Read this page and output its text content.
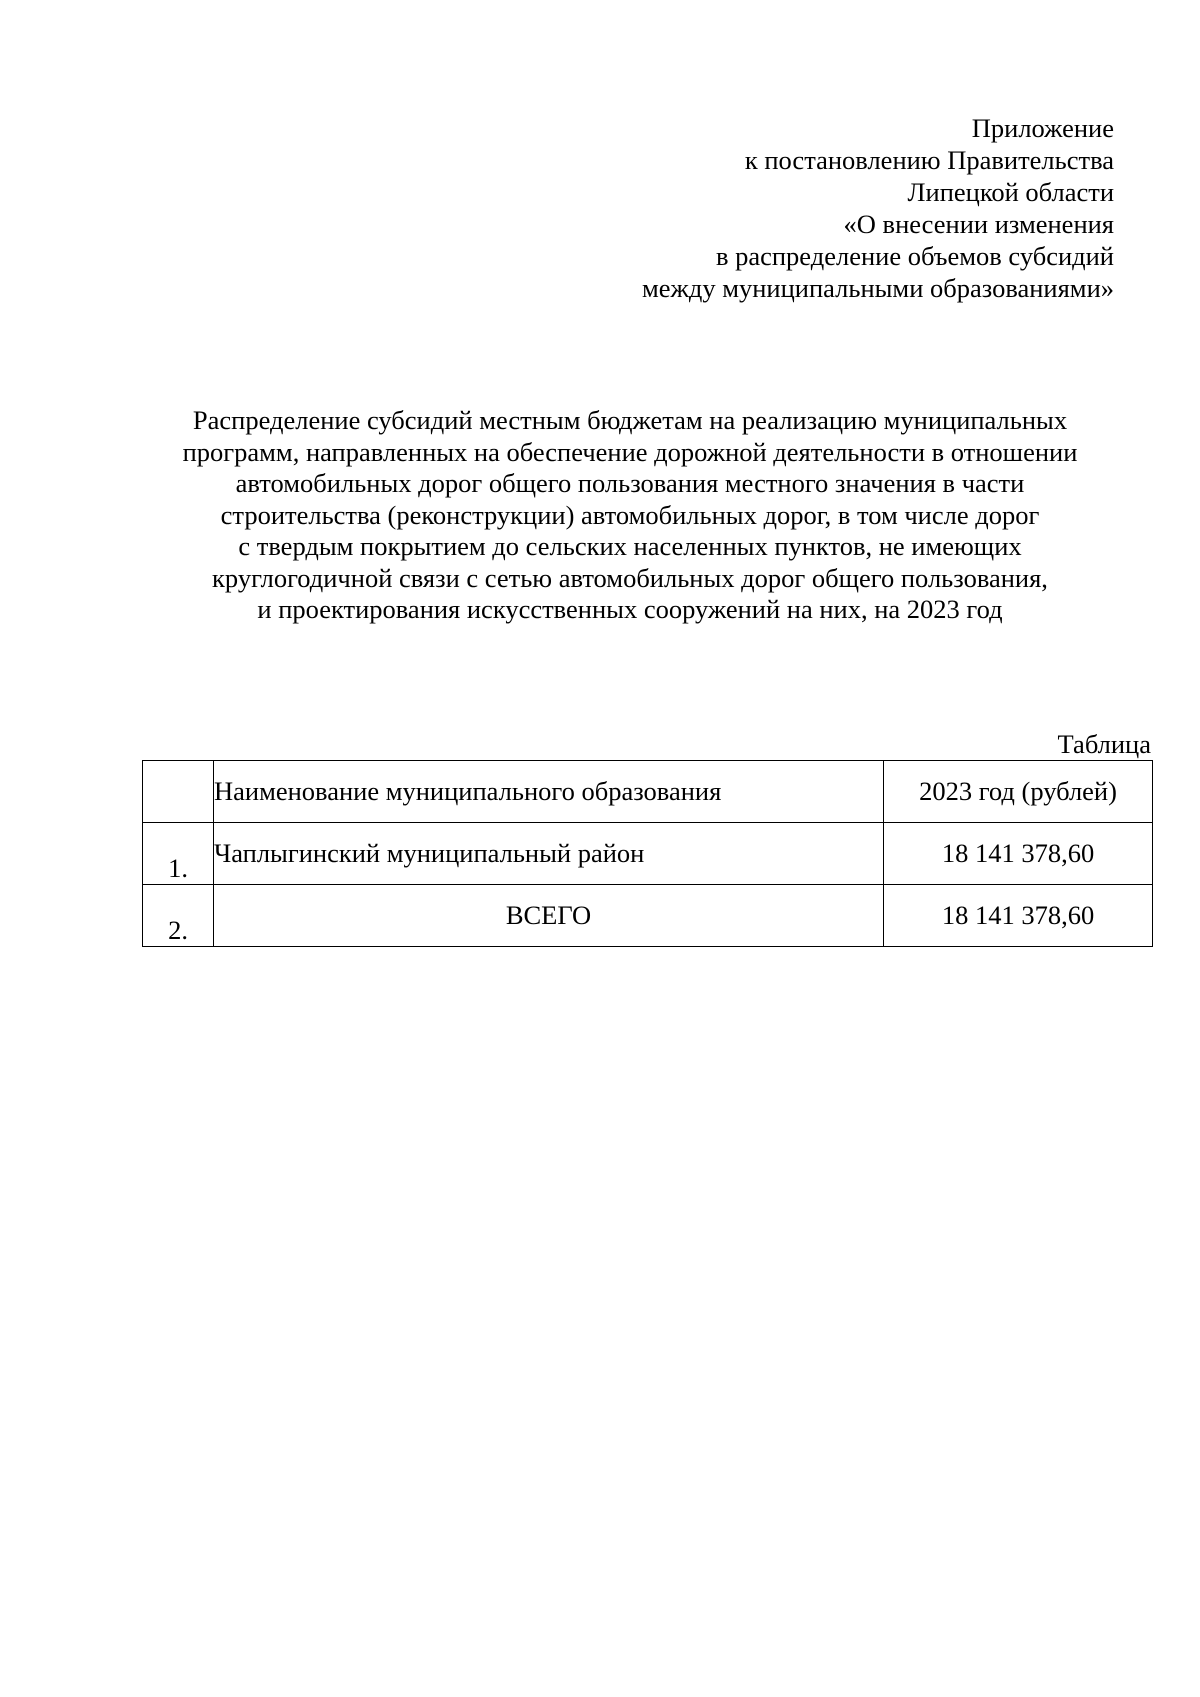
Приложение
к постановлению Правительства
Липецкой области
«О внесении изменения
в распределение объемов субсидий
между муниципальными образованиями»
Распределение субсидий местным бюджетам на реализацию муниципальных
программ, направленных на обеспечение дорожной деятельности в отношении
автомобильных дорог общего пользования местного значения в части
строительства (реконструкции) автомобильных дорог, в том числе дорог
с твердым покрытием до сельских населенных пунктов, не имеющих
круглогодичной связи с сетью автомобильных дорог общего пользования,
и проектирования искусственных сооружений на них, на 2023 год
Таблица
	Наименование муниципального образования	2023 год (рублей)
1.	Чаплыгинский муниципальный район	18 141 378,60
2.	ВСЕГО	18 141 378,60
